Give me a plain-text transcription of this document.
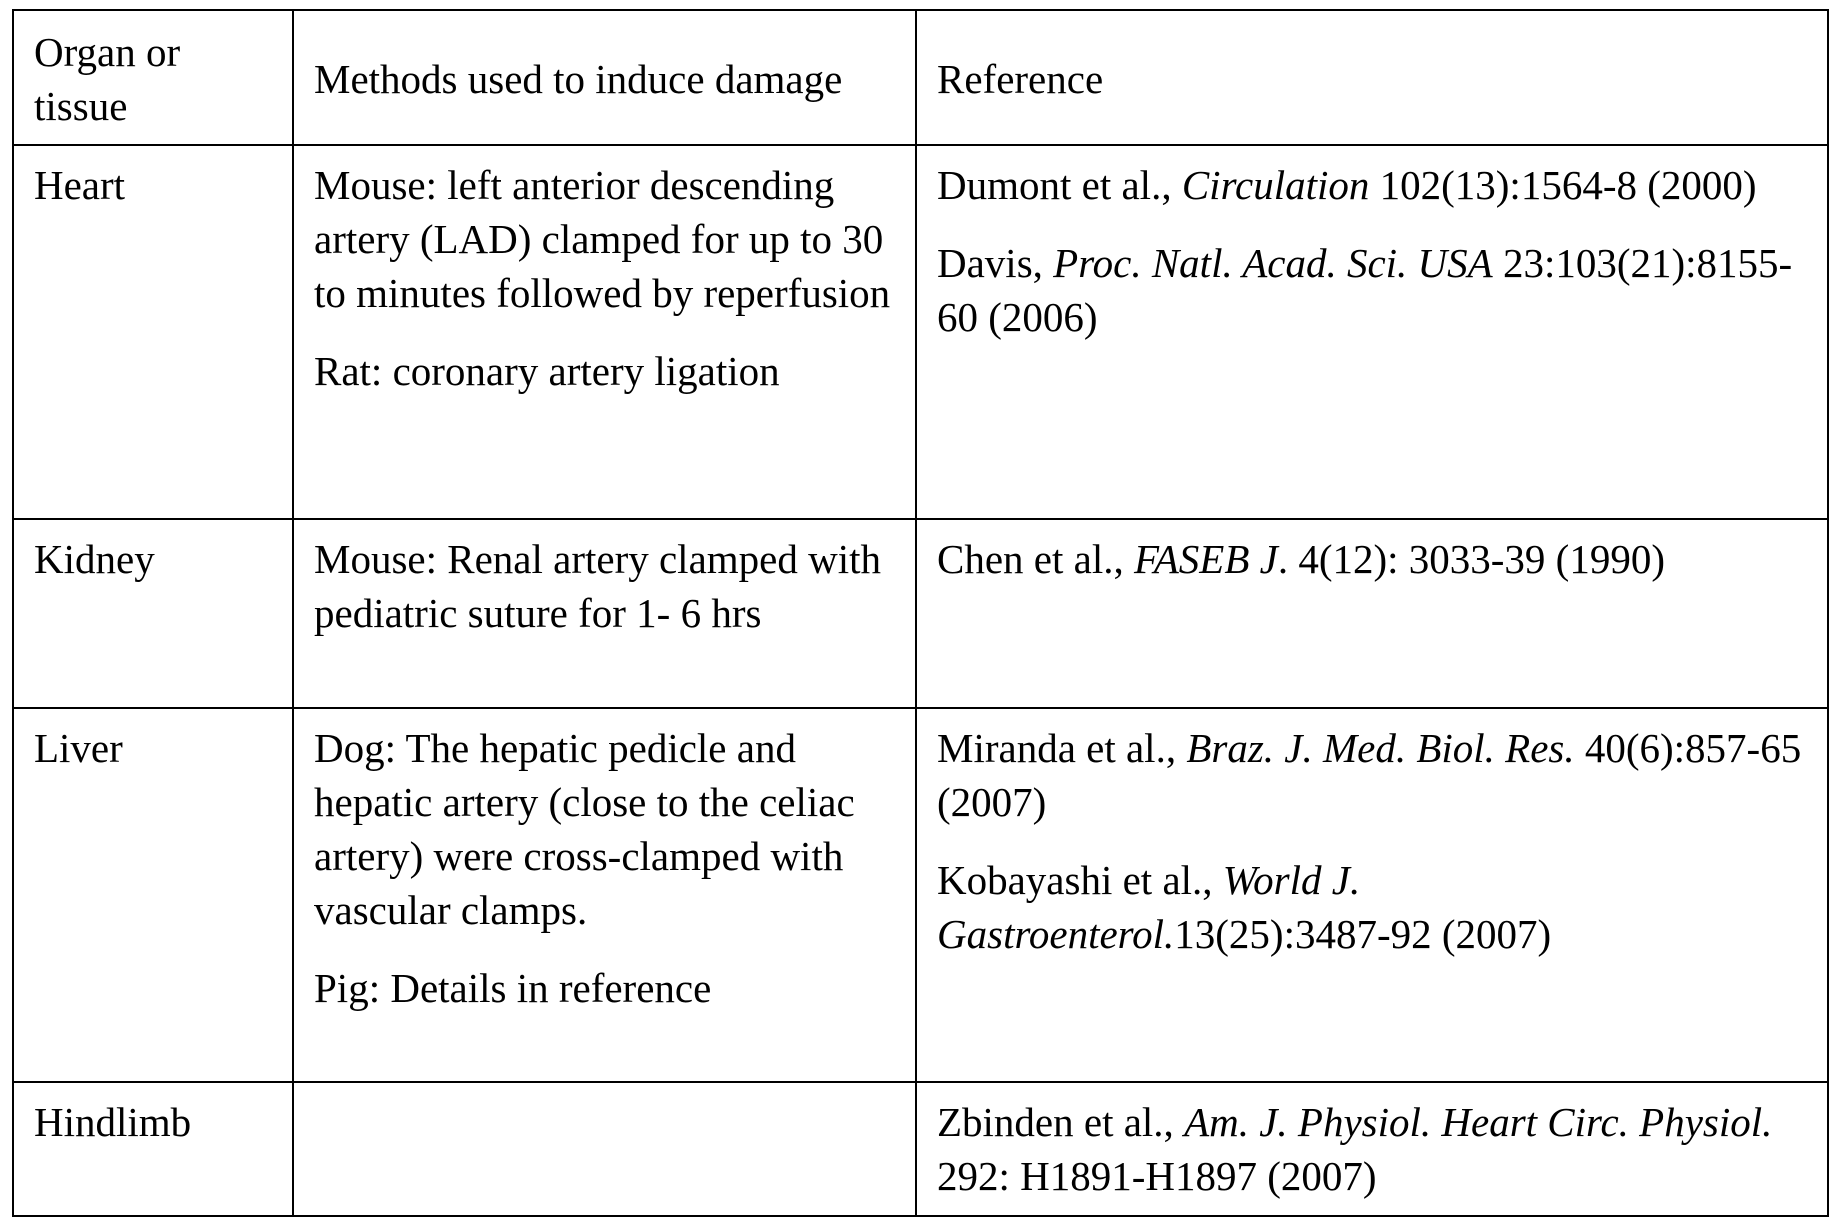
Organ or tissue	Methods used to induce damage	Reference
Heart	Mouse: left anterior descending artery (LAD) clamped for up to 30 to minutes followed by reperfusion

Rat: coronary artery ligation

Dumont et al., Circulation 102(13):1564-8 (2000)

Davis, Proc. Natl. Acad. Sci. USA 23:103(21):8155-60 (2006)

Kidney	Mouse: Renal artery clamped with pediatric suture for 1- 6 hrs

Chen et al., FASEB J. 4(12): 3033-39 (1990)

Liver	Dog: The hepatic pedicle and hepatic artery (close to the celiac artery) were cross-clamped with vascular clamps.

Pig: Details in reference

Miranda et al., Braz. J. Med. Biol. Res. 40(6):857-65 (2007)

Kobayashi et al., World J. Gastroenterol.13(25):3487-92 (2007)

Hindlimb		Zbinden et al., Am. J. Physiol. Heart Circ. Physiol. 292: H1891-H1897 (2007)
